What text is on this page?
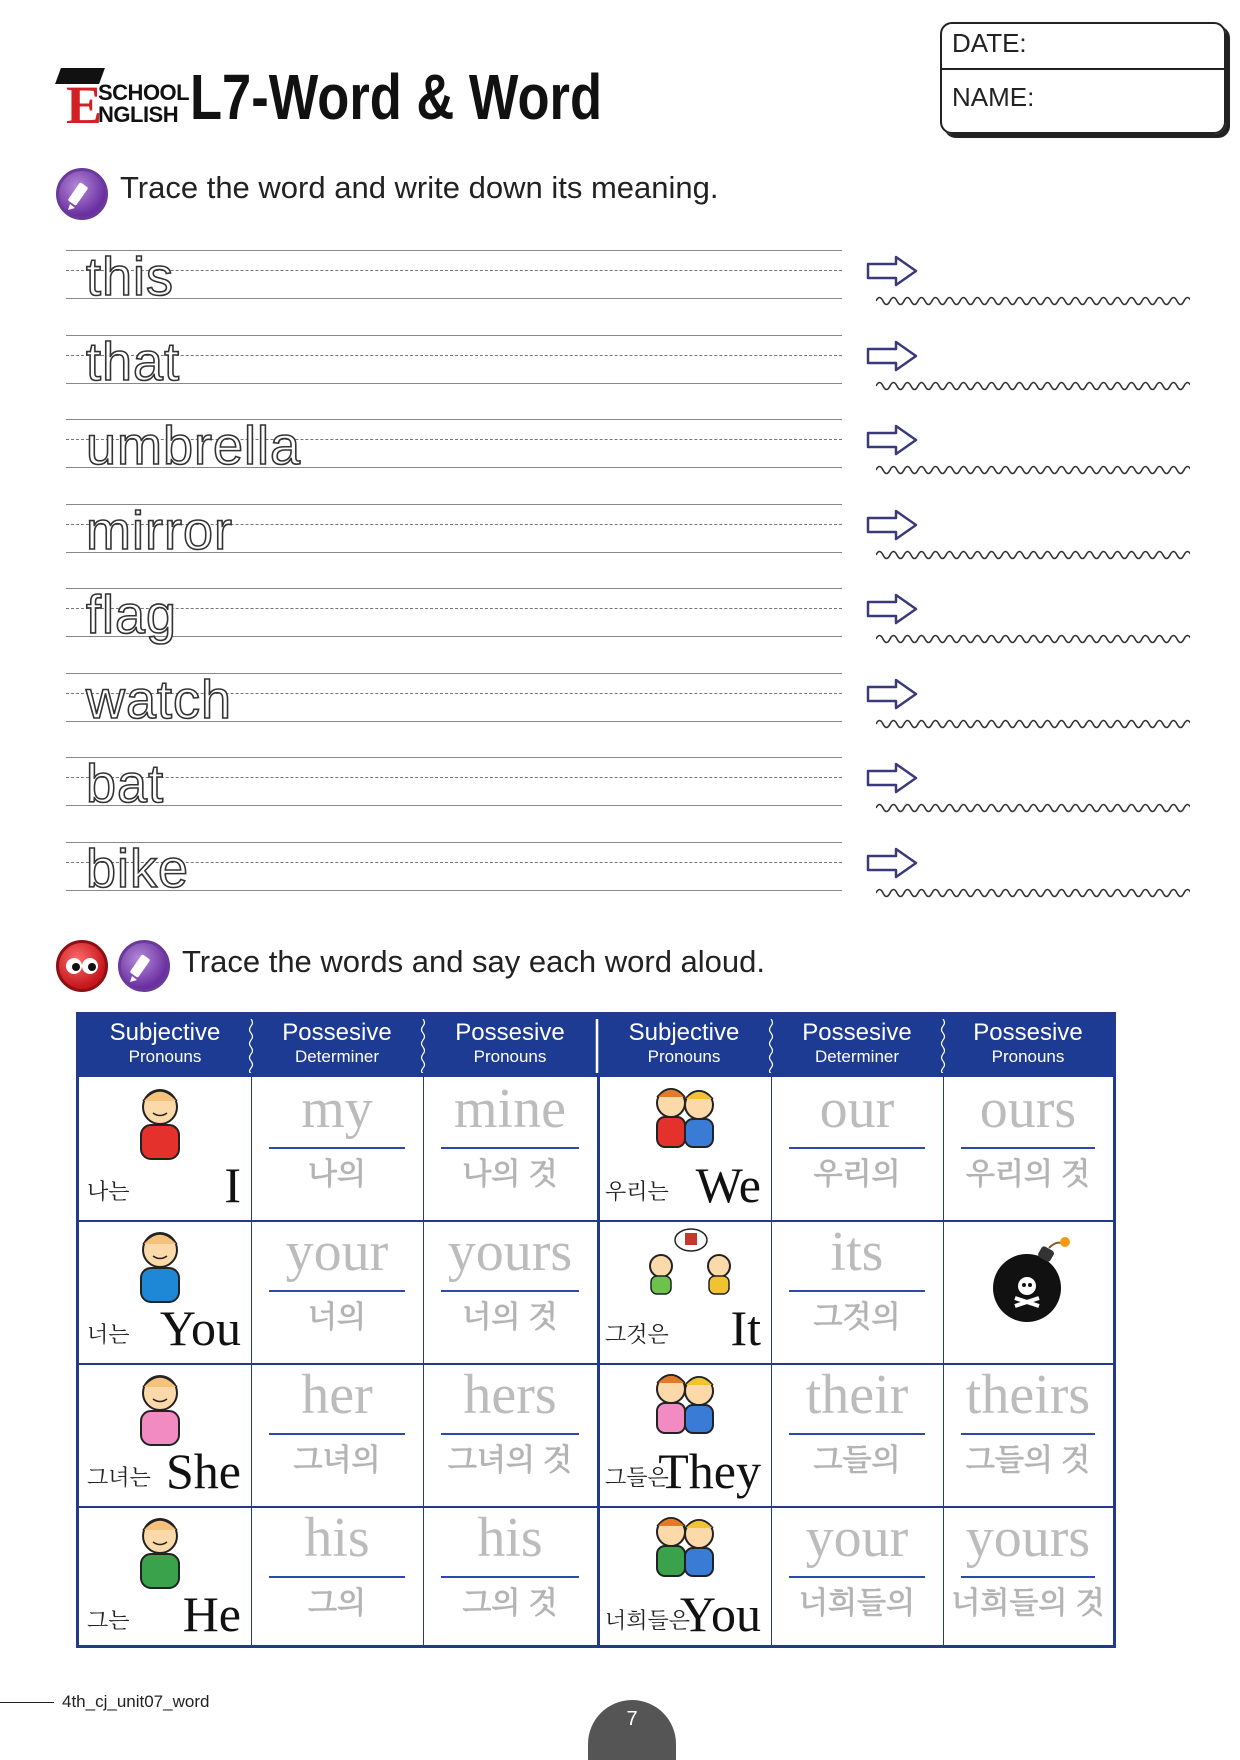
E
SCHOOL
NGLISH L7-Word & Word
DATE:
NAME:
Trace the word and write down its meaning.
this
that
umbrella
mirror
flag
watch
bat
bike
Trace the words and say each word aloud.
Subjective
Pronouns
Possesive
Determiner
Possesive
Pronouns
Subjective
Pronouns
Possesive
Determiner
Possesive
Pronouns
나는 I
my
나의
mine
나의 것
우리는 We
our
우리의
ours
우리의 것
너는 You
your
너의
yours
너의 것
그것은 It
its
그것의
그녀는 She
her
그녀의
hers
그녀의 것
그들은
They
their
그들의
theirs
그들의 것
그는 He
his
그의
his
그의 것
너희들은
You
your
너희들의
yours
너희들의 것
4th_cj_unit07_word
7
